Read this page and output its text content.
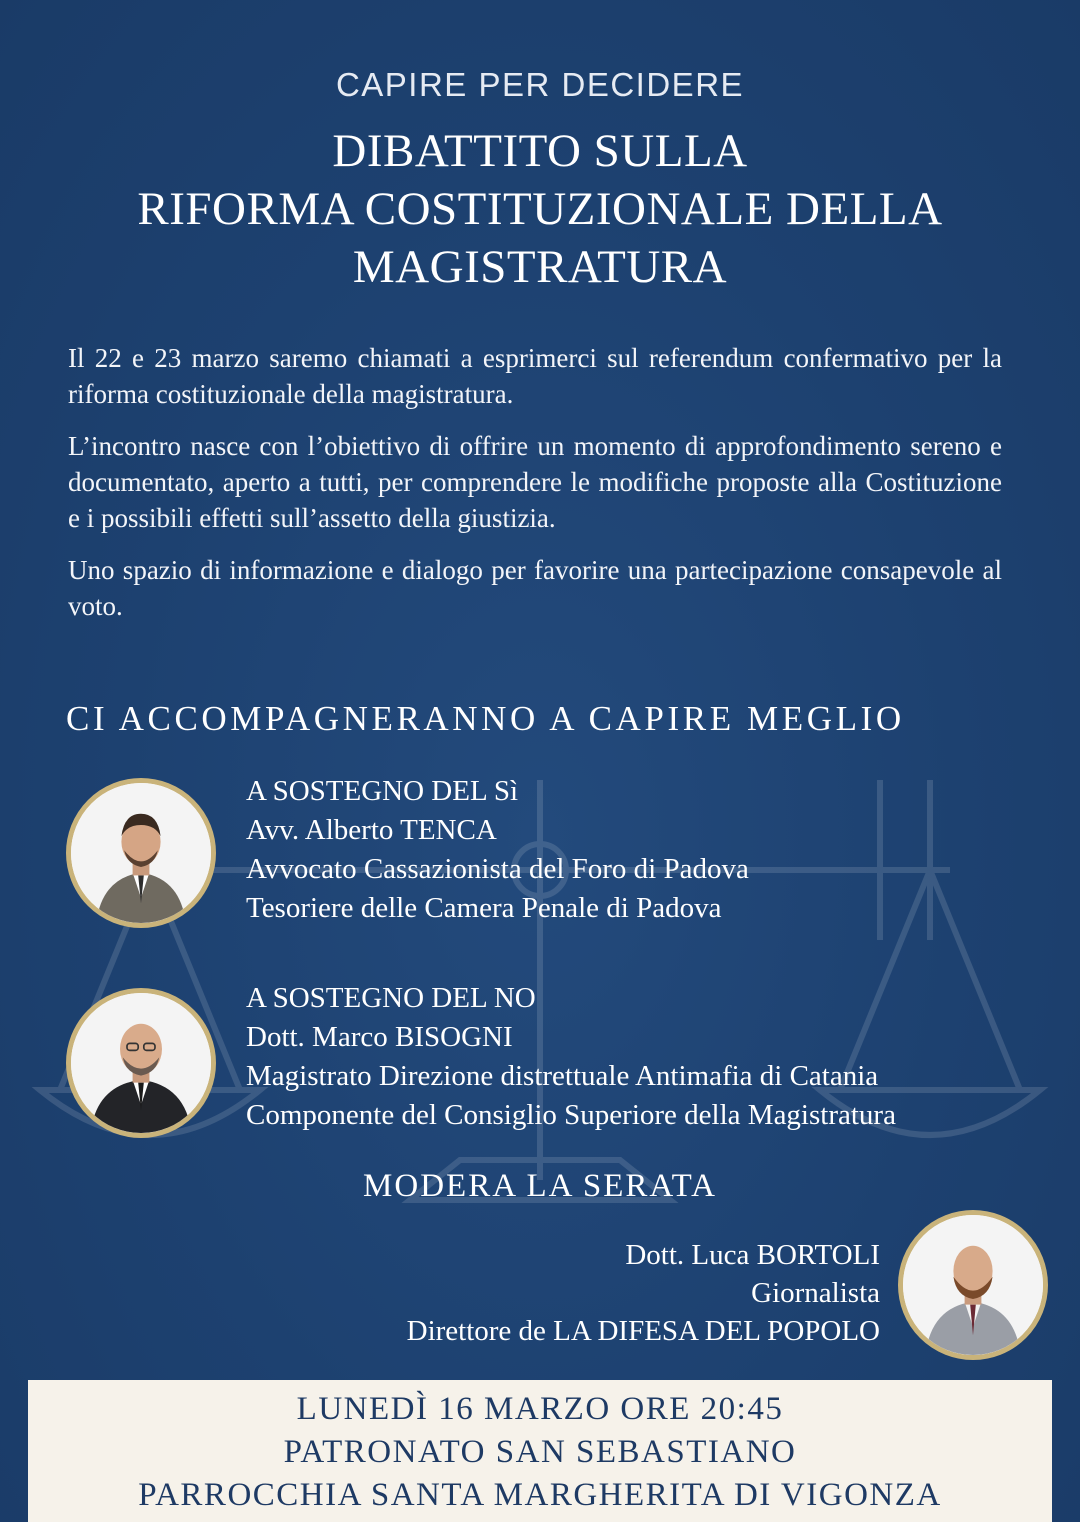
CAPIRE PER DECIDERE
DIBATTITO SULLA
RIFORMA COSTITUZIONALE DELLA
MAGISTRATURA

Il 22 e 23 marzo saremo chiamati a esprimerci sul referendum confermativo per la riforma costituzionale della magistratura.

L’incontro nasce con l’obiettivo di offrire un momento di approfondimento sereno e documentato, aperto a tutti, per comprendere le modifiche proposte alla Costituzione e i possibili effetti sull’assetto della giustizia.

Uno spazio di informazione e dialogo per favorire una partecipazione consapevole al voto.

CI ACCOMPAGNERANNO A CAPIRE MEGLIO
A SOSTEGNO DEL Sì
Avv. Alberto TENCA
Avvocato Cassazionista del Foro di Padova
Tesoriere delle Camera Penale di Padova
A SOSTEGNO DEL NO
Dott. Marco BISOGNI
Magistrato Direzione distrettuale Antimafia di Catania
Componente del Consiglio Superiore della Magistratura
MODERA LA SERATA
Dott. Luca BORTOLI
Giornalista
Direttore de LA DIFESA DEL POPOLO
LUNEDÌ 16 MARZO ORE 20:45
PATRONATO SAN SEBASTIANO
PARROCCHIA SANTA MARGHERITA DI VIGONZA
